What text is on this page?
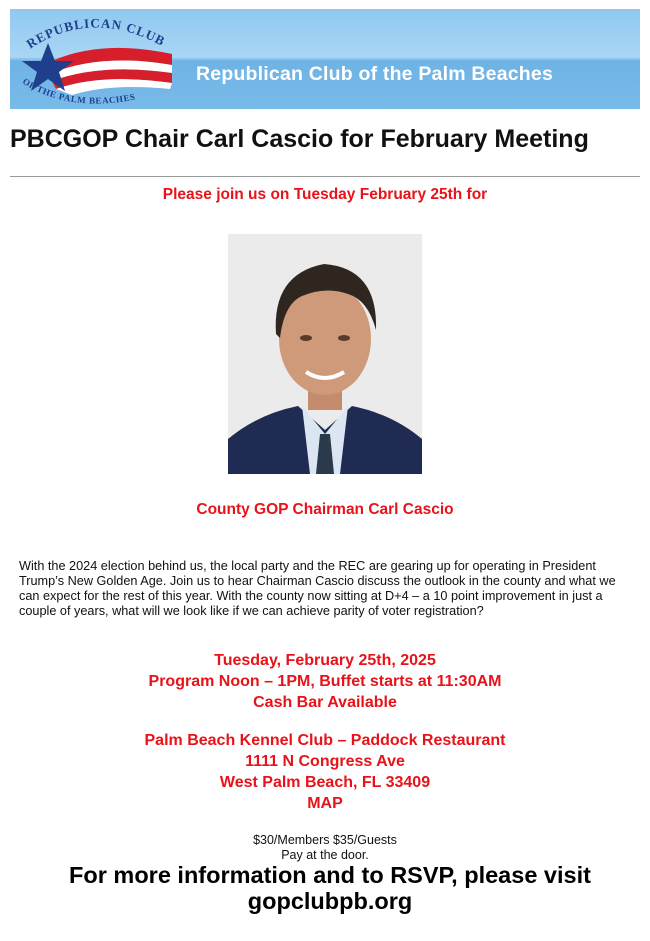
REPUBLICAN CLUB
OF THE PALM BEACHES
Republican Club of the Palm Beaches
PBCGOP Chair Carl Cascio for February Meeting
Please join us on Tuesday February 25th for
County GOP Chairman Carl Cascio
With the 2024 election behind us, the local party and the REC are gearing up for operating in President Trump’s New Golden Age. Join us to hear Chairman Cascio discuss the outlook in the county and what we can expect for the rest of this year. With the county now sitting at D+4 – a 10 point improvement in just a couple of years, what will we look like if we can achieve parity of voter registration?
Tuesday, February 25th, 2025
Program Noon – 1PM, Buffet starts at 11:30AM
Cash Bar Available
Palm Beach Kennel Club – Paddock Restaurant
1111 N Congress Ave
West Palm Beach, FL 33409
MAP
$30/Members $35/Guests
Pay at the door.
For more information and to RSVP, please visit
gopclubpb.org
